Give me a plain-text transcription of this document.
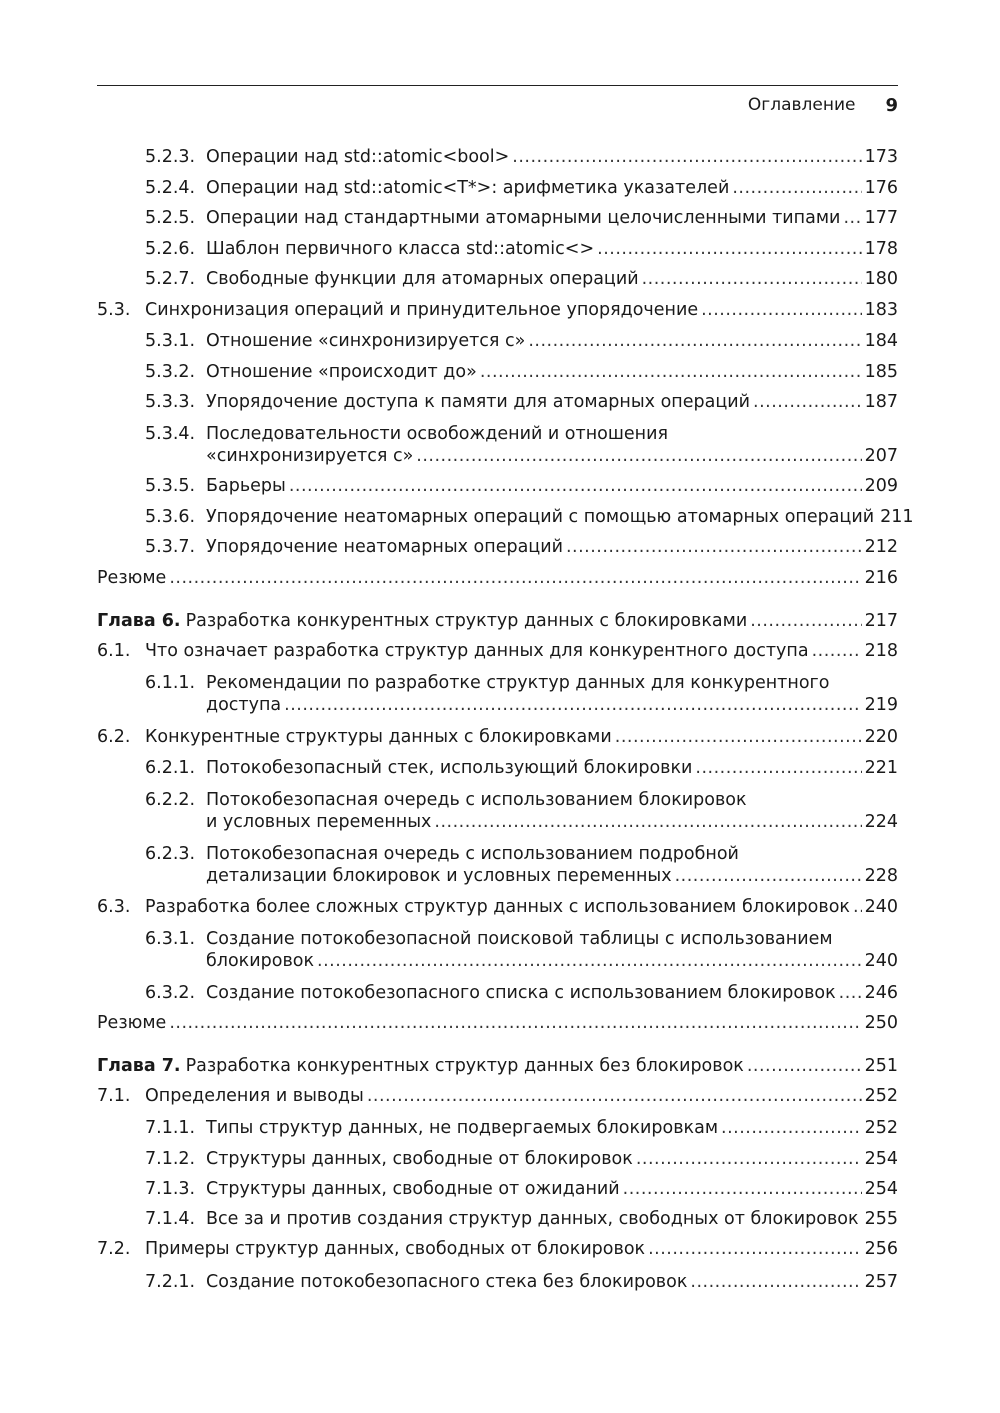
Оглавление 9
5.2.3. Операции над std::atomic<bool> .....	173
5.2.4. Операции над std::atomic<T*>: арифметика указателей .....	176
5.2.5. Операции над стандартными атомарными целочисленными типами ..... 177
5.2.6. Шаблон первичного класса std::atomic<> .....	178
5.2.7. Свободные функции для атомарных операций .....	180
5.3. Синхронизация операций и принудительное упорядочение .....	183
5.3.1. Отношение «синхронизируется с» .....	184
5.3.2. Отношение «происходит до» .....	185
5.3.3. Упорядочение доступа к памяти для атомарных операций .....	187
5.3.4. Последовательности освобождений и отношения
«синхронизируется с» .....	207
5.3.5. Барьеры .....	209
5.3.6. Упорядочение неатомарных операций с помощью атомарных операций 211
5.3.7. Упорядочение неатомарных операций .....	212
Резюме .....	216
Глава 6. Разработка конкурентных структур данных с блокировками .....	217
6.1. Что означает разработка структур данных для конкурентного доступа .....	218
6.1.1. Рекомендации по разработке структур данных для конкурентного
доступа .....	219
6.2. Конкурентные структуры данных с блокировками .....	220
6.2.1. Потокобезопасный стек, использующий блокировки .....	221
6.2.2. Потокобезопасная очередь с использованием блокировок
и условных переменных .....	224
6.2.3. Потокобезопасная очередь с использованием подробной
детализации блокировок и условных переменных .....	228
6.3. Разработка более сложных структур данных с использованием блокировок ..... 240
6.3.1. Создание потокобезопасной поисковой таблицы с использованием
блокировок .....	240
6.3.2. Создание потокобезопасного списка с использованием блокировок ..... 246
Резюме .....	250
Глава 7. Разработка конкурентных структур данных без блокировок .....	251
7.1. Определения и выводы .....	252
7.1.1. Типы структур данных, не подвергаемых блокировкам .....	252
7.1.2. Структуры данных, свободные от блокировок .....	254
7.1.3. Структуры данных, свободные от ожиданий .....	254
7.1.4. Все за и против создания структур данных, свободных от блокировок ..... 255
7.2. Примеры структур данных, свободных от блокировок .....	256
7.2.1. Создание потокобезопасного стека без блокировок .....	257
